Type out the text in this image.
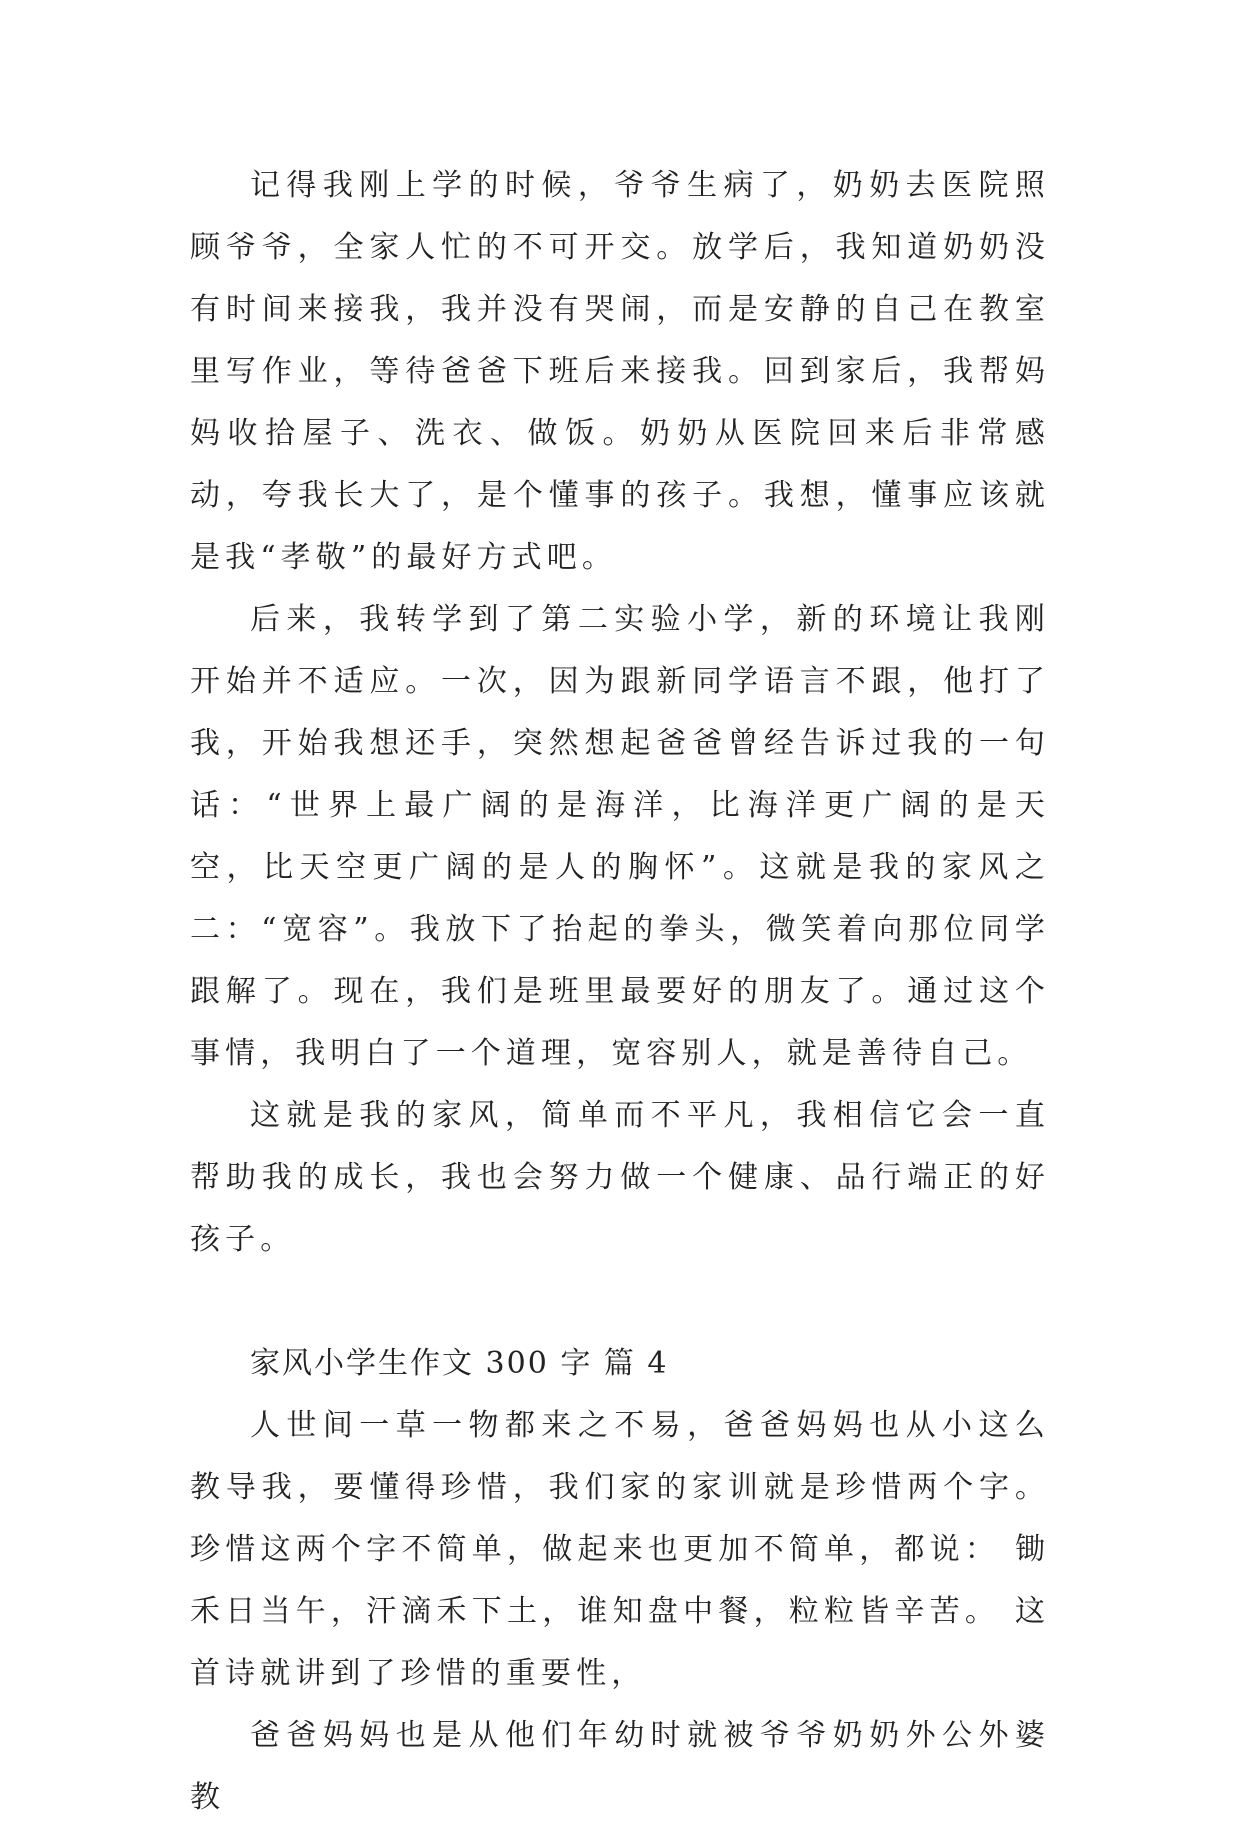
记得我刚上学的时候，爷爷生病了，奶奶去医院照顾爷爷，全家人忙的不可开交。放学后，我知道奶奶没有时间来接我，我并没有哭闹，而是安静的自己在教室里写作业，等待爸爸下班后来接我。回到家后，我帮妈妈收拾屋子、洗衣、做饭。奶奶从医院回来后非常感动，夸我长大了，是个懂事的孩子。我想，懂事应该就是我“孝敬”的最好方式吧。

后来，我转学到了第二实验小学，新的环境让我刚开始并不适应。一次，因为跟新同学语言不跟，他打了我，开始我想还手，突然想起爸爸曾经告诉过我的一句话：“世界上最广阔的是海洋，比海洋更广阔的是天空，比天空更广阔的是人的胸怀”。这就是我的家风之二：“宽容”。我放下了抬起的拳头，微笑着向那位同学跟解了。现在，我们是班里最要好的朋友了。通过这个事情，我明白了一个道理，宽容别人，就是善待自己。

这就是我的家风，简单而不平凡，我相信它会一直帮助我的成长，我也会努力做一个健康、品行端正的好孩子。

家风小学生作文 300 字 篇 4

人世间一草一物都来之不易，爸爸妈妈也从小这么教导我，要懂得珍惜，我们家的家训就是珍惜两个字。珍惜这两个字不简单，做起来也更加不简单，都说： 锄禾日当午，汗滴禾下土，谁知盘中餐，粒粒皆辛苦。 这首诗就讲到了珍惜的重要性，

爸爸妈妈也是从他们年幼时就被爷爷奶奶外公外婆教
